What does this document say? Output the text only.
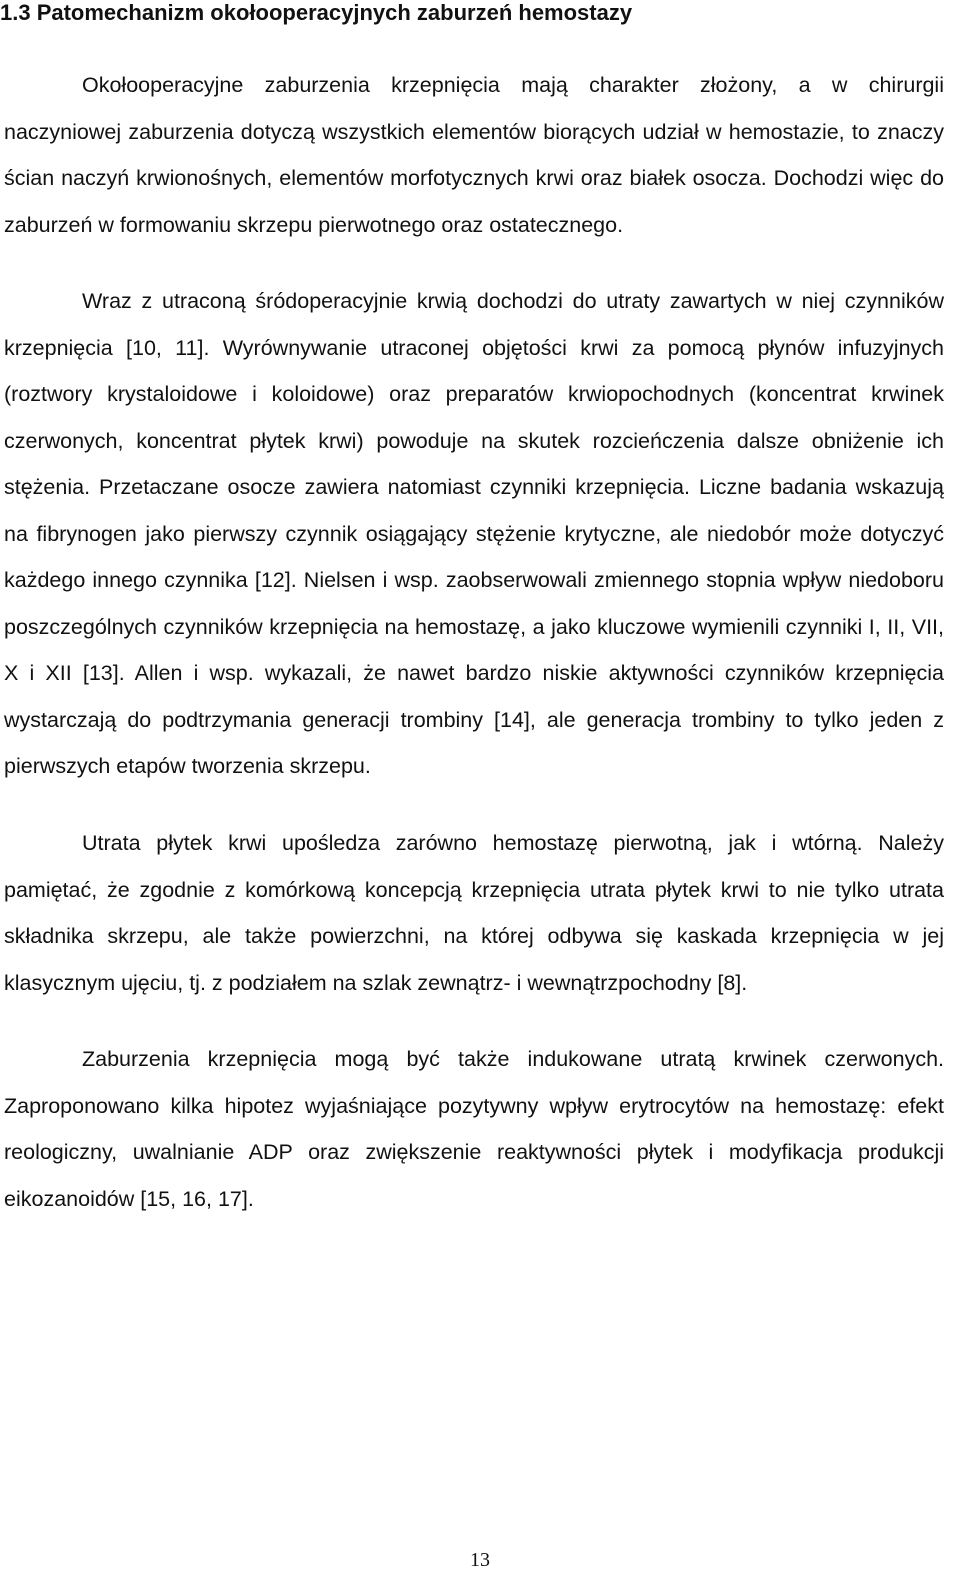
1.3 Patomechanizm okołooperacyjnych zaburzeń hemostazy

Okołooperacyjne zaburzenia krzepnięcia mają charakter złożony, a w chirurgii naczyniowej zaburzenia dotyczą wszystkich elementów biorących udział w hemostazie, to znaczy ścian naczyń krwionośnych, elementów morfotycznych krwi oraz białek osocza. Dochodzi więc do zaburzeń w formowaniu skrzepu pierwotnego oraz ostatecznego.

Wraz z utraconą śródoperacyjnie krwią dochodzi do utraty zawartych w niej czynników krzepnięcia [10, 11]. Wyrównywanie utraconej objętości krwi za pomocą płynów infuzyjnych (roztwory krystaloidowe i koloidowe) oraz preparatów krwiopochodnych (koncentrat krwinek czerwonych, koncentrat płytek krwi) powoduje na skutek rozcieńczenia dalsze obniżenie ich stężenia. Przetaczane osocze zawiera natomiast czynniki krzepnięcia. Liczne badania wskazują na fibrynogen jako pierwszy czynnik osiągający stężenie krytyczne, ale niedobór może dotyczyć każdego innego czynnika [12]. Nielsen i wsp. zaobserwowali zmiennego stopnia wpływ niedoboru poszczególnych czynników krzepnięcia na hemostazę, a jako kluczowe wymienili czynniki I, II, VII, X i XII [13]. Allen i wsp. wykazali, że nawet bardzo niskie aktywności czynników krzepnięcia wystarczają do podtrzymania generacji trombiny [14], ale generacja trombiny to tylko jeden z pierwszych etapów tworzenia skrzepu.

Utrata płytek krwi upośledza zarówno hemostazę pierwotną, jak i wtórną. Należy pamiętać, że zgodnie z komórkową koncepcją krzepnięcia utrata płytek krwi to nie tylko utrata składnika skrzepu, ale także powierzchni, na której odbywa się kaskada krzepnięcia w jej klasycznym ujęciu, tj. z podziałem na szlak zewnątrz- i wewnątrzpochodny [8].

Zaburzenia krzepnięcia mogą być także indukowane utratą krwinek czerwonych. Zaproponowano kilka hipotez wyjaśniające pozytywny wpływ erytrocytów na hemostazę: efekt reologiczny, uwalnianie ADP oraz zwiększenie reaktywności płytek i modyfikacja produkcji eikozanoidów [15, 16, 17].

13
